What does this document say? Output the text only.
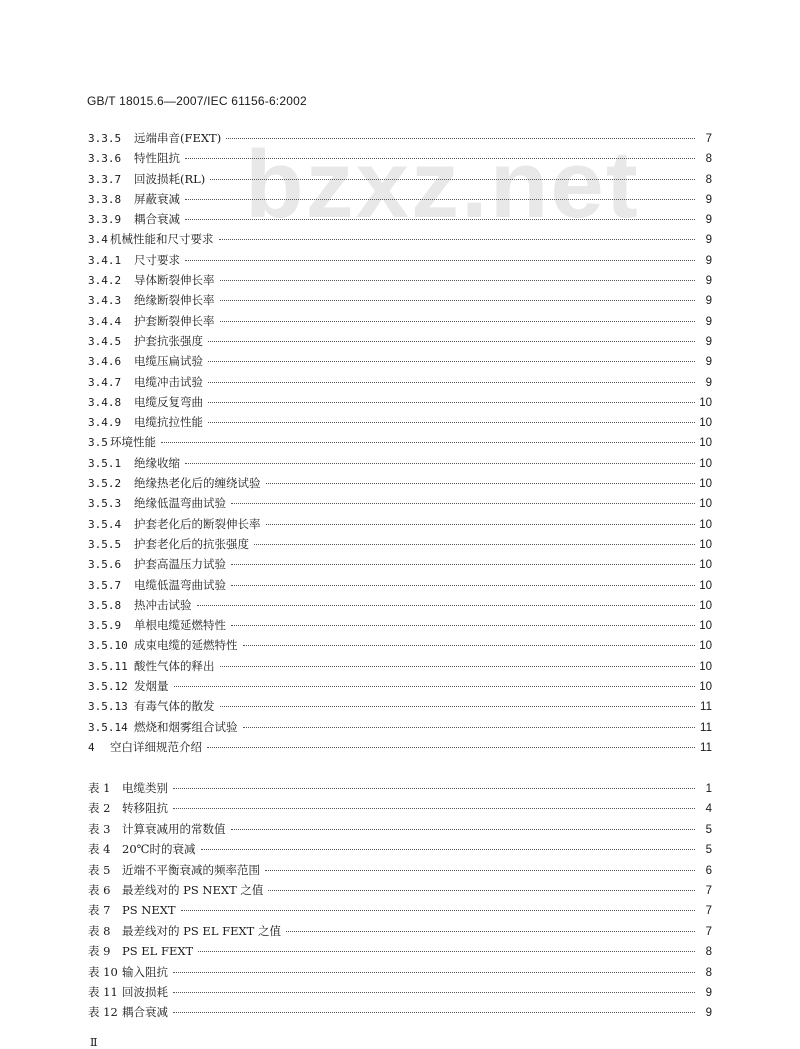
GB/T 18015.6—2007/IEC 61156-6:2002
bzxz.net
3.3.5	远端串音(FEXT)	7
3.3.6	特性阻抗	8
3.3.7	回波损耗(RL)	8
3.3.8	屏蔽衰减	9
3.3.9	耦合衰减	9
3.4 机械性能和尺寸要求	9
3.4.1	尺寸要求	9
3.4.2	导体断裂伸长率	9
3.4.3	绝缘断裂伸长率	9
3.4.4	护套断裂伸长率	9
3.4.5	护套抗张强度	9
3.4.6	电缆压扁试验	9
3.4.7	电缆冲击试验	9
3.4.8	电缆反复弯曲	10
3.4.9	电缆抗拉性能	10
3.5 环境性能	10
3.5.1	绝缘收缩	10
3.5.2	绝缘热老化后的缠绕试验	10
3.5.3	绝缘低温弯曲试验	10
3.5.4	护套老化后的断裂伸长率	10
3.5.5	护套老化后的抗张强度	10
3.5.6	护套高温压力试验	10
3.5.7	电缆低温弯曲试验	10
3.5.8	热冲击试验	10
3.5.9	单根电缆延燃特性	10
3.5.10 成束电缆的延燃特性	10
3.5.11 酸性气体的释出	10
3.5.12 发烟量	10
3.5.13 有毒气体的散发	11
3.5.14 燃烧和烟雾组合试验	11
4	空白详细规范介绍	11
表 1	电缆类别	1
表 2	转移阻抗	4
表 3	计算衰减用的常数值	5
表 4	20℃时的衰减	5
表 5	近端不平衡衰减的频率范围	6
表 6	最差线对的 PS NEXT 之值	7
表 7	PS NEXT	7
表 8	最差线对的 PS EL FEXT 之值	7
表 9	PS EL FEXT	8
表 10 输入阻抗	8
表 11 回波损耗	9
表 12 耦合衰减	9
Ⅱ
